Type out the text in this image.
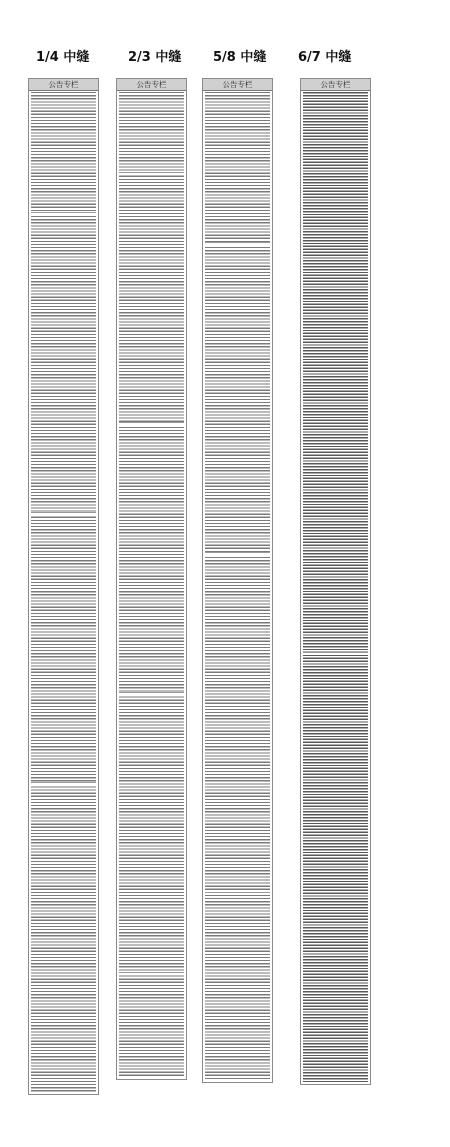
1/4 中缝
公告专栏
2/3 中缝
公告专栏
5/8 中缝
公告专栏
6/7 中缝
公告专栏
